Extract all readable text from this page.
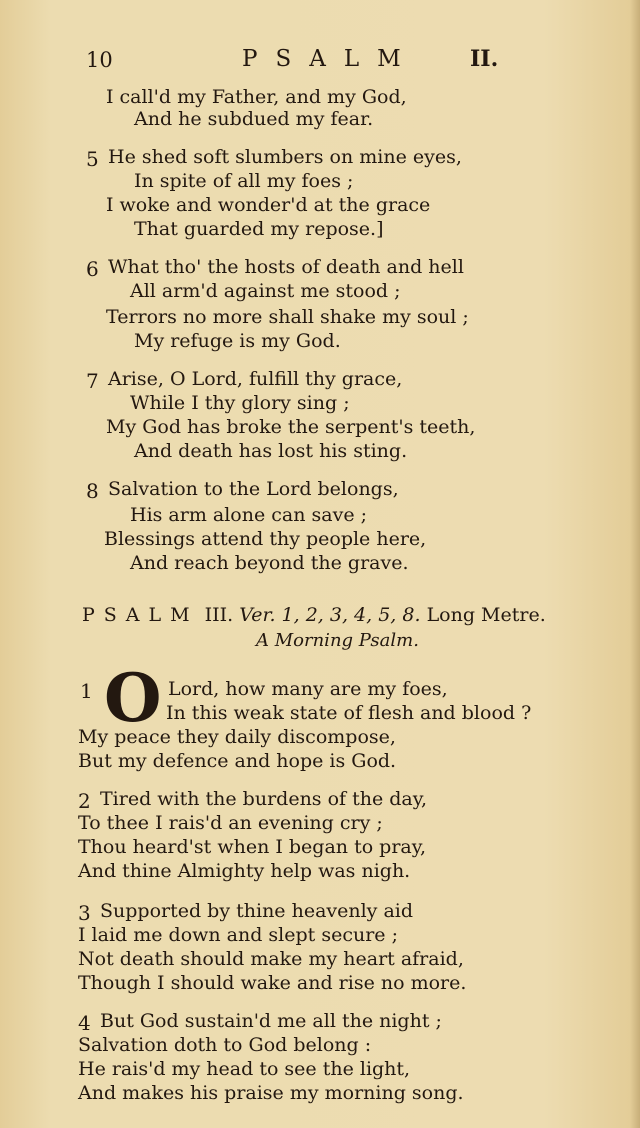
10	PSALM II.
I call'd my Father, and my God,
And he subdued my fear.
5 He shed soft slumbers on mine eyes,
In spite of all my foes ;
I woke and wonder'd at the grace
That guarded my repose.]
6 What tho' the hosts of death and hell
All arm'd against me stood ;
Terrors no more shall shake my soul ;
My refuge is my God.
7 Arise, O Lord, fulfill thy grace,
While I thy glory sing ;
My God has broke the serpent's teeth,
And death has lost his sting.
8 Salvation to the Lord belongs,
His arm alone can save ;
Blessings attend thy people here,
And reach beyond the grave.
PSALM III. Ver. 1, 2, 3, 4, 5, 8. Long Metre.
A Morning Psalm.
1 O Lord, how many are my foes,
In this weak state of flesh and blood ?
My peace they daily discompose,
But my defence and hope is God.
2 Tired with the burdens of the day,
To thee I rais'd an evening cry ;
Thou heard'st when I began to pray,
And thine Almighty help was nigh.
3 Supported by thine heavenly aid
I laid me down and slept secure ;
Not death should make my heart afraid,
Though I should wake and rise no more.
4 But God sustain'd me all the night ;
Salvation doth to God belong :
He rais'd my head to see the light,
And makes his praise my morning song.
